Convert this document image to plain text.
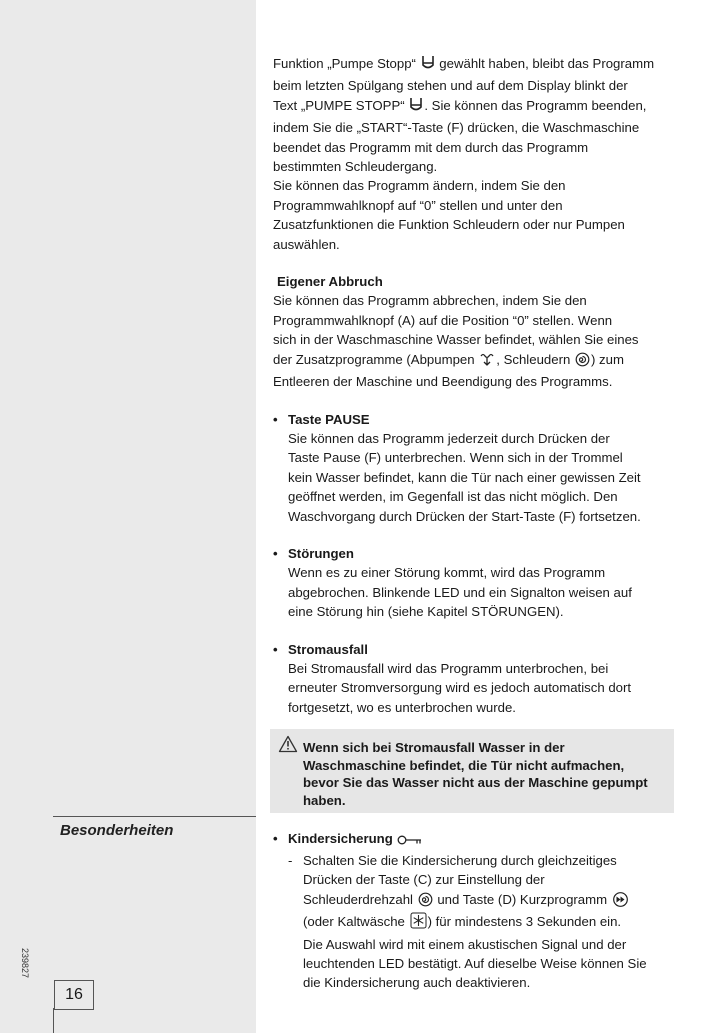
Besonderheiten
239827
16
Funktion „Pumpe Stopp“  gewählt haben, bleibt das Programm
beim letzten Spülgang stehen und auf dem Display blinkt der
Text „PUMPE STOPP“ . Sie können das Programm beenden,
indem Sie die „START“-Taste (F) drücken, die Waschmaschine
beendet das Programm mit dem durch das Programm
bestimmten Schleudergang.
Sie können das Programm ändern, indem Sie den
Programmwahlknopf auf “0” stellen und unter den
Zusatzfunktionen die Funktion Schleudern oder nur Pumpen
auswählen.
Eigener Abbruch
Sie können das Programm abbrechen, indem Sie den
Programmwahlknopf (A) auf die Position “0” stellen. Wenn
sich in der Waschmaschine Wasser befindet, wählen Sie eines
der Zusatzprogramme (Abpumpen , Schleudern ) zum
Entleeren der Maschine und Beendigung des Programms.
• Taste PAUSE
Sie können das Programm jederzeit durch Drücken der
Taste Pause (F) unterbrechen. Wenn sich in der Trommel
kein Wasser befindet, kann die Tür nach einer gewissen Zeit
geöffnet werden, im Gegenfall ist das nicht möglich. Den
Waschvorgang durch Drücken der Start-Taste (F) fortsetzen.
• Störungen
Wenn es zu einer Störung kommt, wird das Programm
abgebrochen. Blinkende LED und ein Signalton weisen auf
eine Störung hin (siehe Kapitel STÖRUNGEN).
• Stromausfall
Bei Stromausfall wird das Programm unterbrochen, bei
erneuter Stromversorgung wird es jedoch automatisch dort
fortgesetzt, wo es unterbrochen wurde.
Wenn sich bei Stromausfall Wasser in der
Waschmaschine befindet, die Tür nicht aufmachen,
bevor Sie das Wasser nicht aus der Maschine gepumpt
haben.
• Kindersicherung
- Schalten Sie die Kindersicherung durch gleichzeitiges
Drücken der Taste (C) zur Einstellung der
Schleuderdrehzahl  und Taste (D) Kurzprogramm
(oder Kaltwäsche ) für mindestens 3 Sekunden ein.
Die Auswahl wird mit einem akustischen Signal und der
leuchtenden LED bestätigt. Auf dieselbe Weise können Sie
die Kindersicherung auch deaktivieren.
